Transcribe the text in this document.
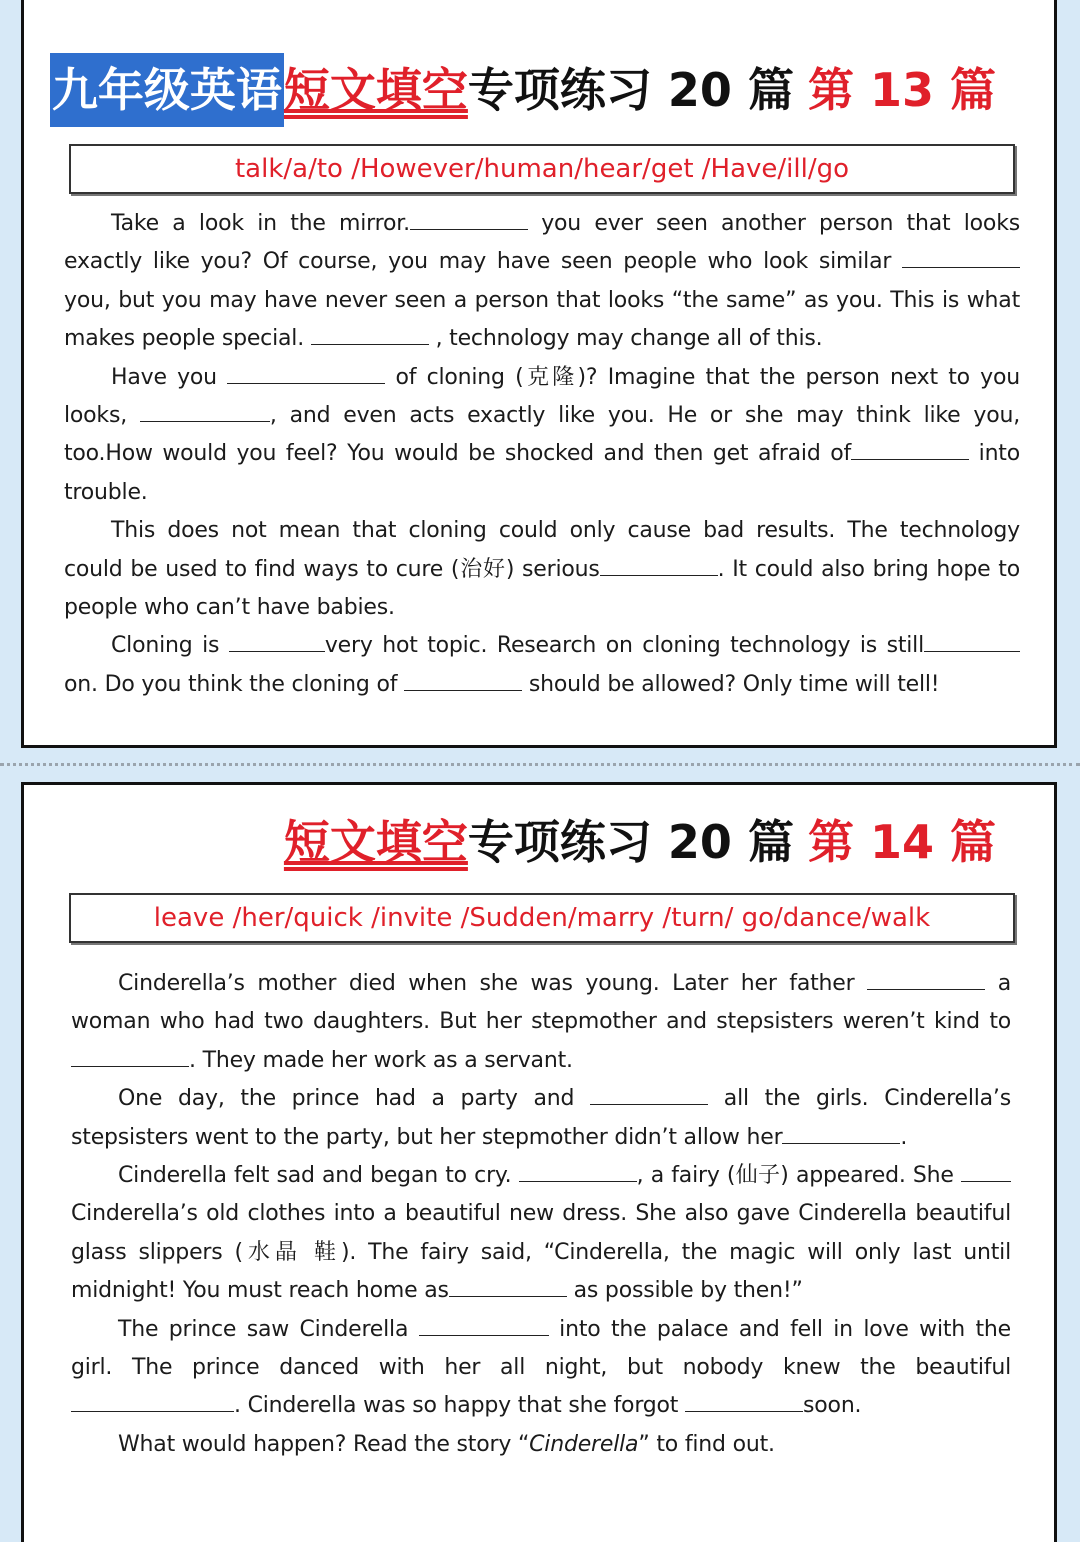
九年级英语短文填空专项练习 20 篇 第 13 篇
talk/a/to /However/human/hear/get /Have/ill/go

Take a look in the mirror.	you ever seen another person that looks exactly like you? Of course, you may have seen people who look similar  you, but you may have never seen a person that looks “the same” as you. This is what makes people special.	, technology may change all of this.

Have you	of cloning (克隆)? Imagine that the person next to you looks,	, and even acts exactly like you. He or she may think like you, too.How would you feel? You would be shocked and then get afraid of	into trouble.

This does not mean that cloning could only cause bad results. The technology could be used to find ways to cure (治好) serious	. It could also bring hope to people who can’t have babies.

Cloning is	very hot topic. Research on cloning technology is still on. Do you think the cloning of	should be allowed? Only time will tell!

短文填空专项练习 20 篇 第 14 篇
leave /her/quick /invite /Sudden/marry /turn/ go/dance/walk

Cinderella’s mother died when she was young. Later her father	a woman who had two daughters. But her stepmother and stepsisters weren’t kind to . They made her work as a servant.

One day, the prince had a party and	all the girls. Cinderella’s stepsisters went to the party, but her stepmother didn’t allow her	.

Cinderella felt sad and began to cry.	, a fairy (仙子) appeared. She  Cinderella’s old clothes into a beautiful new dress. She also gave Cinderella beautiful glass slippers (水晶 鞋). The fairy said, “Cinderella, the magic will only last until midnight! You must reach home as	as possible by then!”

The prince saw Cinderella	into the palace and fell in love with the girl. The prince danced with her all night, but nobody knew the beautiful . Cinderella was so happy that she forgot	soon.

What would happen? Read the story “Cinderella” to find out.
